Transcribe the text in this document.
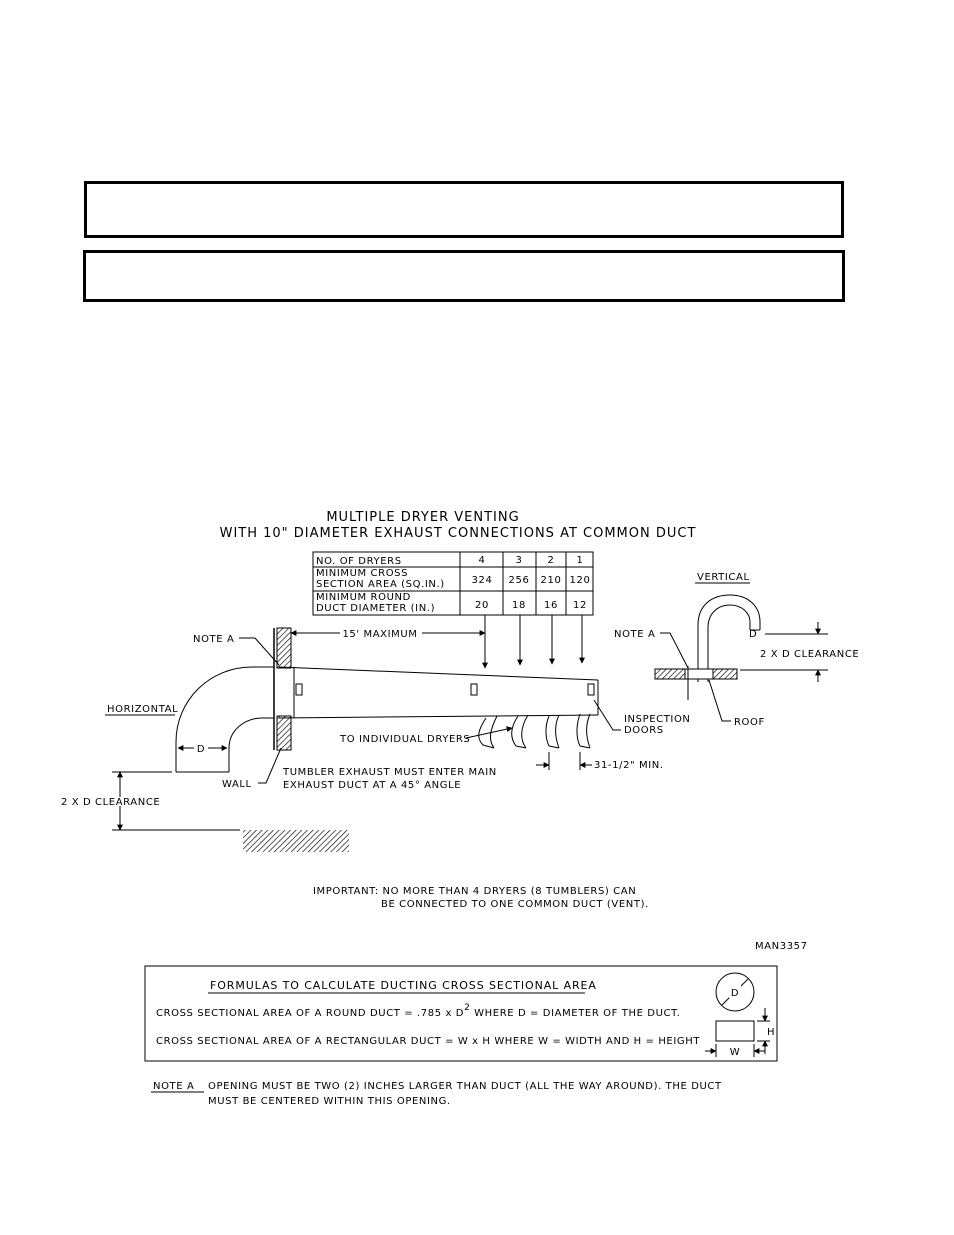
MULTIPLE DRYER VENTING
WITH 10" DIAMETER EXHAUST CONNECTIONS AT COMMON DUCT
NO. OF DRYERS
MINIMUM CROSS
SECTION AREA (SQ.IN.)
MINIMUM ROUND
DUCT DIAMETER (IN.)
4	3	2 1
324 256 210 120
20 18 16 12
D
15' MAXIMUM
NOTE A
HORIZONTAL
TO INDIVIDUAL DRYERS
INSPECTION
DOORS
WALL
TUMBLER EXHAUST MUST ENTER MAIN
EXHAUST DUCT AT A 45° ANGLE
2 X D CLEARANCE
31-1/2" MIN.
VERTICAL
NOTE A
ROOF
D
2 X D CLEARANCE
IMPORTANT: NO MORE THAN 4 DRYERS (8 TUMBLERS) CAN
BE CONNECTED TO ONE COMMON DUCT (VENT).
MAN3357
FORMULAS TO CALCULATE DUCTING CROSS SECTIONAL AREA
CROSS SECTIONAL AREA OF A ROUND DUCT = .785 x D2 WHERE D = DIAMETER OF THE DUCT.
CROSS SECTIONAL AREA OF A RECTANGULAR DUCT = W x H WHERE W = WIDTH AND H = HEIGHT
D
H
W
NOTE A OPENING MUST BE TWO (2) INCHES LARGER THAN DUCT (ALL THE WAY AROUND). THE DUCT
MUST BE CENTERED WITHIN THIS OPENING.
